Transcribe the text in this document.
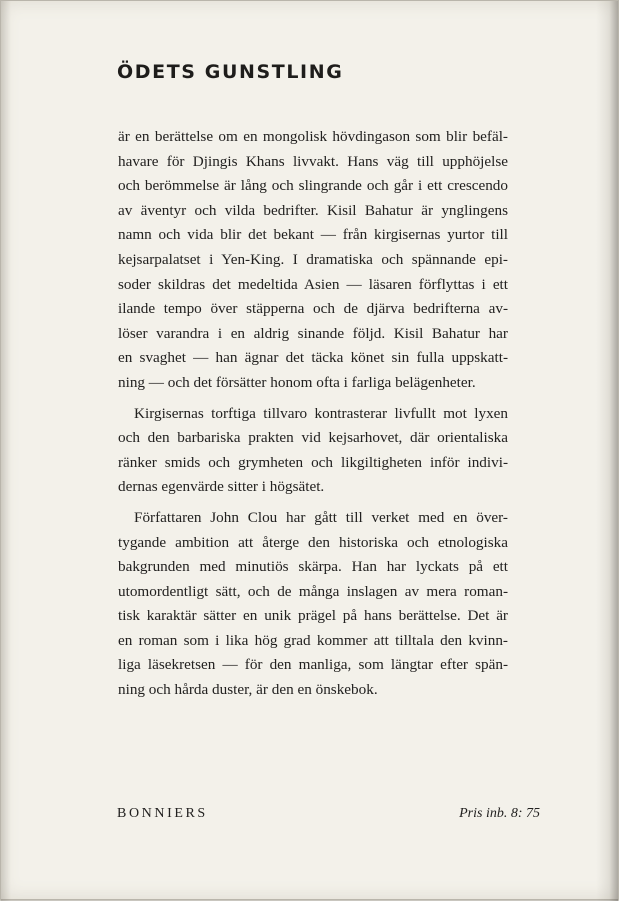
ÖDETS GUNSTLING

är en berättelse om en mongolisk hövdingason som blir befäl-
havare för Djingis Khans livvakt. Hans väg till upphöjelse
och berömmelse är lång och slingrande och går i ett crescendo
av äventyr och vilda bedrifter. Kisil Bahatur är ynglingens
namn och vida blir det bekant — från kirgisernas yurtor till
kejsarpalatset i Yen-King. I dramatiska och spännande epi-
soder skildras det medeltida Asien — läsaren förflyttas i ett
ilande tempo över stäpperna och de djärva bedrifterna av-
löser varandra i en aldrig sinande följd. Kisil Bahatur har
en svaghet — han ägnar det täcka könet sin fulla uppskatt-
ning — och det försätter honom ofta i farliga belägenheter.

Kirgisernas torftiga tillvaro kontrasterar livfullt mot lyxen
och den barbariska prakten vid kejsarhovet, där orientaliska
ränker smids och grymheten och likgiltigheten inför indivi-
dernas egenvärde sitter i högsätet.

Författaren John Clou har gått till verket med en över-
tygande ambition att återge den historiska och etnologiska
bakgrunden med minutiös skärpa. Han har lyckats på ett
utomordentligt sätt, och de många inslagen av mera roman-
tisk karaktär sätter en unik prägel på hans berättelse. Det är
en roman som i lika hög grad kommer att tilltala den kvinn-
liga läsekretsen — för den manliga, som längtar efter spän-
ning och hårda duster, är den en önskebok.

BONNIERS	Pris inb. 8: 75
